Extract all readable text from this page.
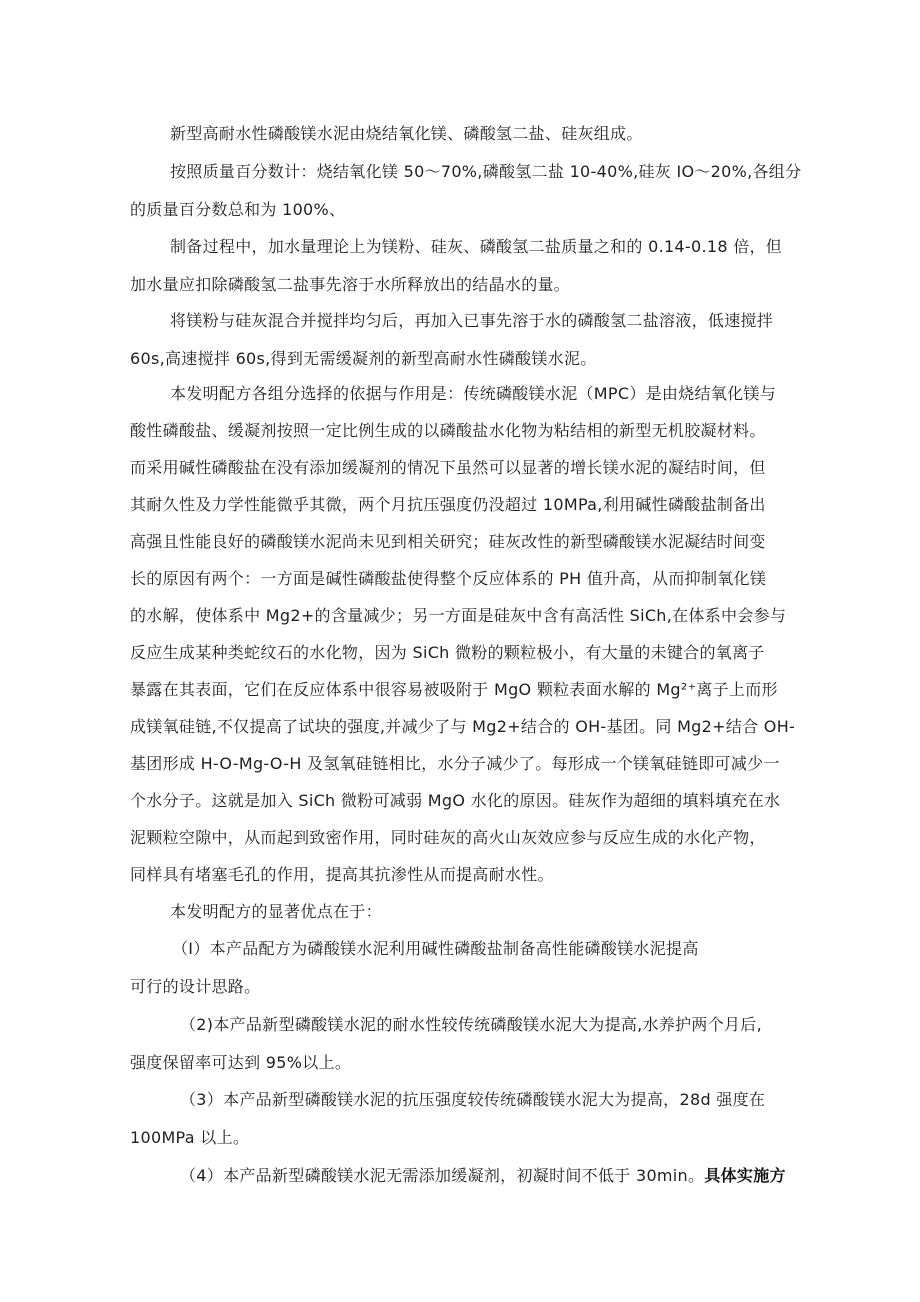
新型高耐水性磷酸镁水泥由烧结氧化镁、磷酸氢二盐、硅灰组成。
按照质量百分数计：烧结氧化镁 50～70%,磷酸氢二盐 10-40%,硅灰 IO～20%,各组分
的质量百分数总和为 100%、
制备过程中，加水量理论上为镁粉、硅灰、磷酸氢二盐质量之和的 0.14-0.18 倍，但
加水量应扣除磷酸氢二盐事先溶于水所释放出的结晶水的量。
将镁粉与硅灰混合并搅拌均匀后，再加入已事先溶于水的磷酸氢二盐溶液，低速搅拌
60s,高速搅拌 60s,得到无需缓凝剂的新型高耐水性磷酸镁水泥。
本发明配方各组分选择的依据与作用是：传统磷酸镁水泥（MPC）是由烧结氧化镁与
酸性磷酸盐、缓凝剂按照一定比例生成的以磷酸盐水化物为粘结相的新型无机胶凝材料。
而采用碱性磷酸盐在没有添加缓凝剂的情况下虽然可以显著的增长镁水泥的凝结时间，但
其耐久性及力学性能微乎其微，两个月抗压强度仍没超过 10MPa,利用碱性磷酸盐制备出
高强且性能良好的磷酸镁水泥尚未见到相关研究；硅灰改性的新型磷酸镁水泥凝结时间变
长的原因有两个：一方面是碱性磷酸盐使得整个反应体系的 PH 值升高，从而抑制氧化镁
的水解，使体系中 Mg2+的含量减少；另一方面是硅灰中含有高活性 SiCh,在体系中会参与
反应生成某种类蛇纹石的水化物，因为 SiCh 微粉的颗粒极小，有大量的未键合的氧离子
暴露在其表面，它们在反应体系中很容易被吸附于 MgO 颗粒表面水解的 Mg²⁺离子上而形
成镁氧硅链,不仅提高了试块的强度,并减少了与 Mg2+结合的 OH-基团。同 Mg2+结合 OH-
基团形成 H-O-Mg-O-H 及氢氧硅链相比，水分子减少了。每形成一个镁氧硅链即可减少一
个水分子。这就是加入 SiCh 微粉可减弱 MgO 水化的原因。硅灰作为超细的填料填充在水
泥颗粒空隙中，从而起到致密作用，同时硅灰的高火山灰效应参与反应生成的水化产物，
同样具有堵塞毛孔的作用，提高其抗渗性从而提高耐水性。
本发明配方的显著优点在于：
（I）本产品配方为磷酸镁水泥利用碱性磷酸盐制备高性能磷酸镁水泥提高
可行的设计思路。
（2)本产品新型磷酸镁水泥的耐水性较传统磷酸镁水泥大为提高,水养护两个月后,
强度保留率可达到 95%以上。
（3）本产品新型磷酸镁水泥的抗压强度较传统磷酸镁水泥大为提高，28d 强度在
100MPa 以上。
（4）本产品新型磷酸镁水泥无需添加缓凝剂，初凝时间不低于 30min。具体实施方
